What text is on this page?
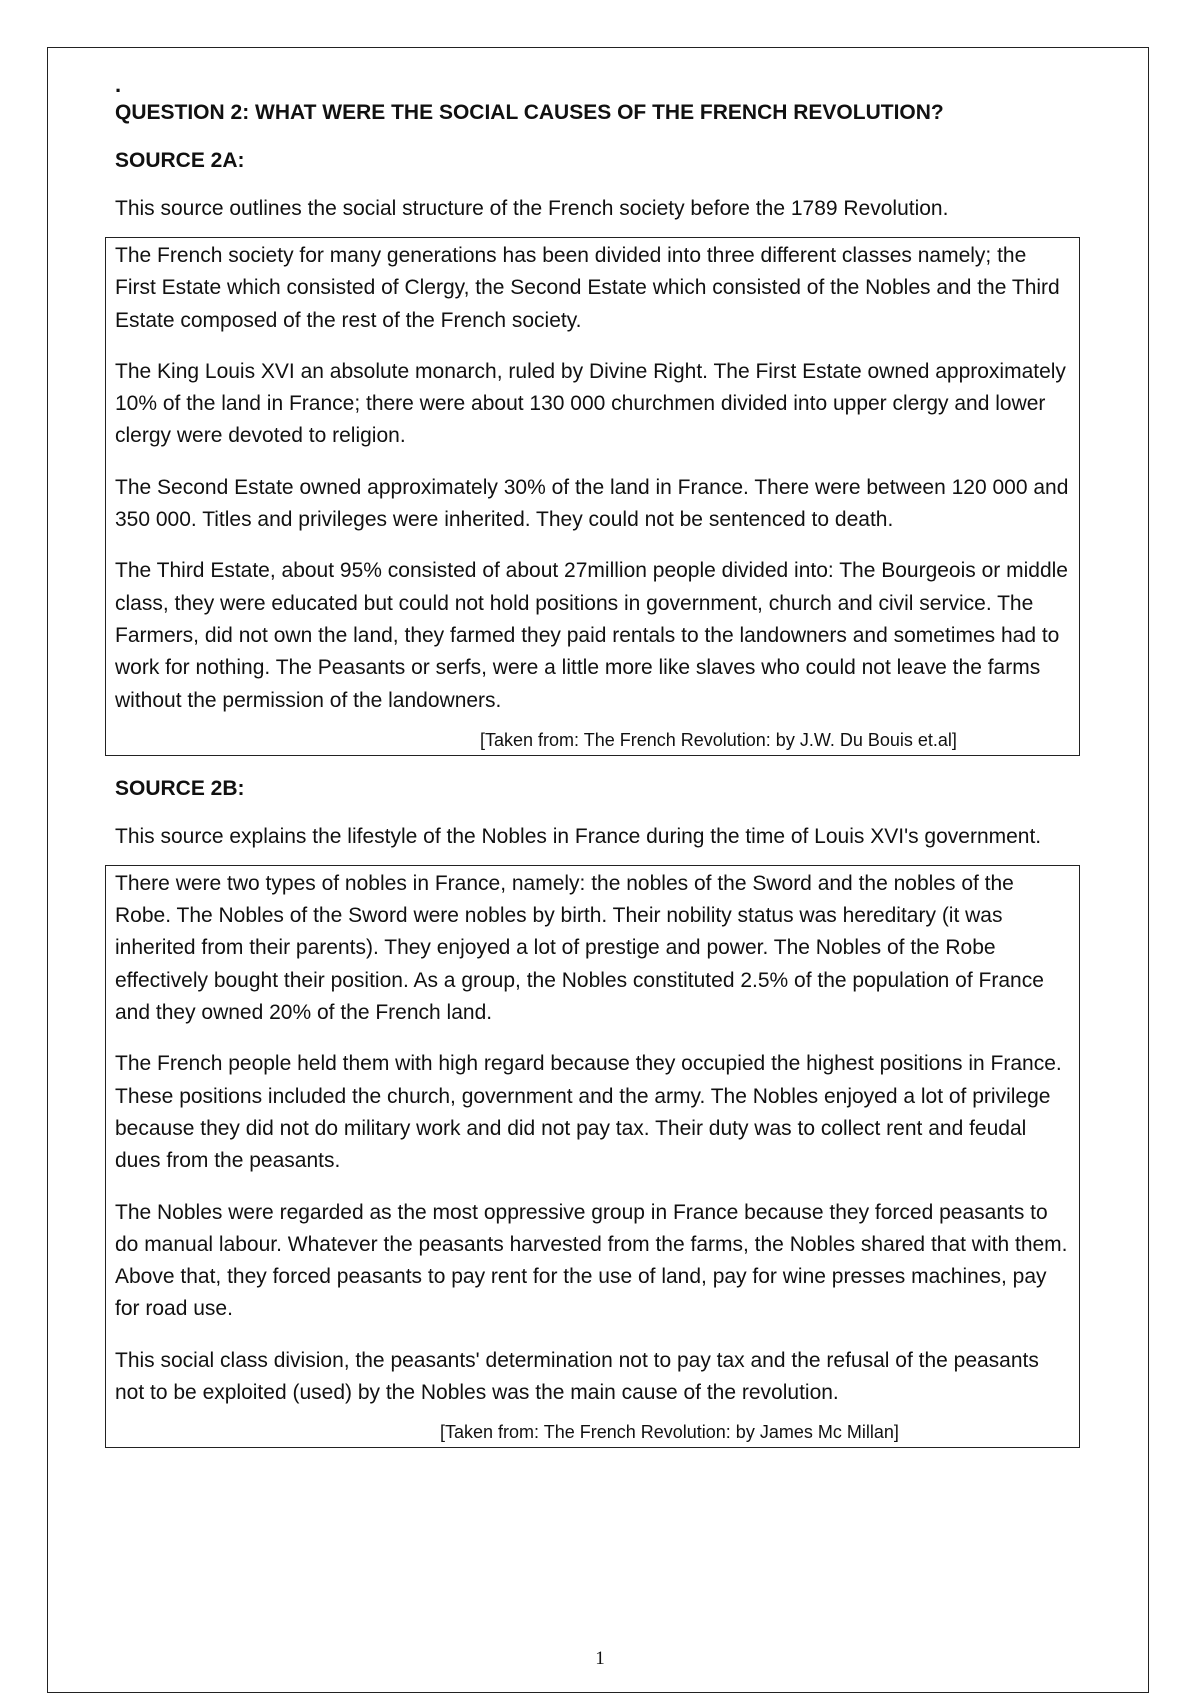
.
QUESTION 2: WHAT WERE THE SOCIAL CAUSES OF THE FRENCH REVOLUTION?
SOURCE 2A:
This source outlines the social structure of the French society before the 1789 Revolution.

The French society for many generations has been divided into three different classes namely; the First Estate which consisted of Clergy, the Second Estate which consisted of the Nobles and the Third Estate composed of the rest of the French society.

The King Louis XVI an absolute monarch, ruled by Divine Right. The First Estate owned approximately 10% of the land in France; there were about 130 000 churchmen divided into upper clergy and lower clergy were devoted to religion.

The Second Estate owned approximately 30% of the land in France. There were between 120 000 and 350 000. Titles and privileges were inherited. They could not be sentenced to death.

The Third Estate, about 95% consisted of about 27million people divided into: The Bourgeois or middle class, they were educated but could not hold positions in government, church and civil service. The Farmers, did not own the land, they farmed they paid rentals to the landowners and sometimes had to work for nothing. The Peasants or serfs, were a little more like slaves who could not leave the farms without the permission of the landowners.

[Taken from: The French Revolution: by J.W. Du Bouis et.al]
SOURCE 2B:
This source explains the lifestyle of the Nobles in France during the time of Louis XVI's government.

There were two types of nobles in France, namely: the nobles of the Sword and the nobles of the Robe. The Nobles of the Sword were nobles by birth. Their nobility status was hereditary (it was inherited from their parents). They enjoyed a lot of prestige and power. The Nobles of the Robe effectively bought their position. As a group, the Nobles constituted 2.5% of the population of France and they owned 20% of the French land.

The French people held them with high regard because they occupied the highest positions in France. These positions included the church, government and the army. The Nobles enjoyed a lot of privilege because they did not do military work and did not pay tax. Their duty was to collect rent and feudal dues from the peasants.

The Nobles were regarded as the most oppressive group in France because they forced peasants to do manual labour. Whatever the peasants harvested from the farms, the Nobles shared that with them. Above that, they forced peasants to pay rent for the use of land, pay for wine presses machines, pay for road use.

This social class division, the peasants' determination not to pay tax and the refusal of the peasants not to be exploited (used) by the Nobles was the main cause of the revolution.

[Taken from: The French Revolution: by James Mc Millan]
1
